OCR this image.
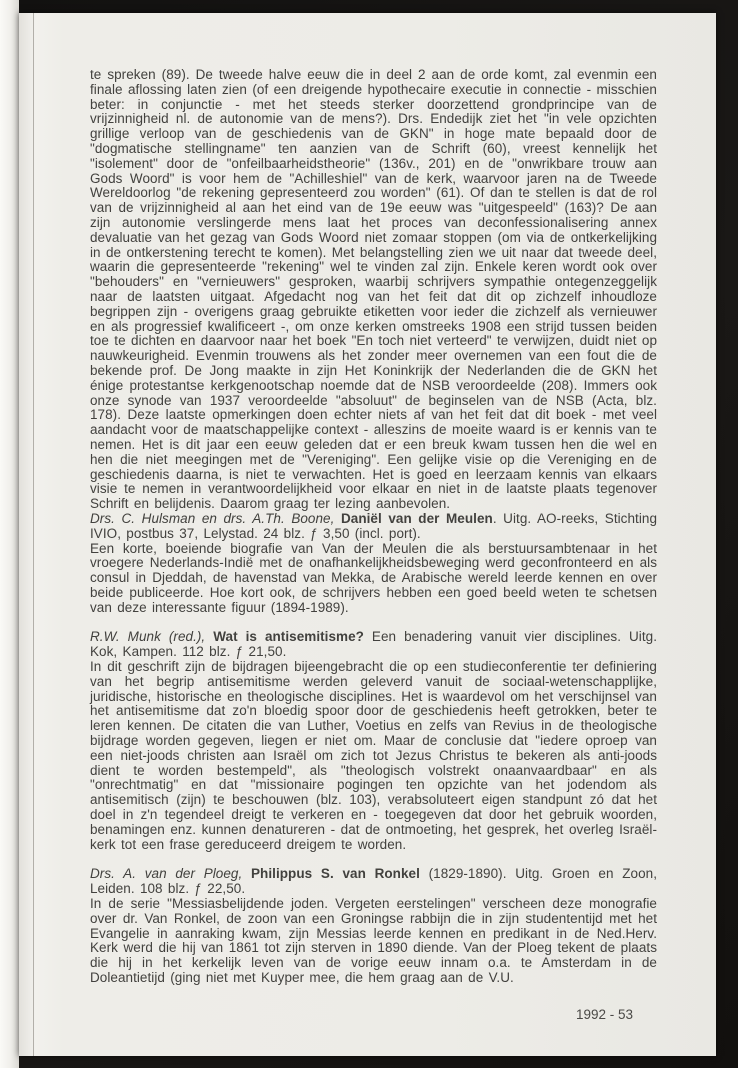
te spreken (89). De tweede halve eeuw die in deel 2 aan de orde komt, zal evenmin een finale aflossing laten zien (of een dreigende hypothecaire executie in connectie - misschien beter: in conjunctie - met het steeds sterker doorzettend grondprincipe van de vrijzinnigheid nl. de autonomie van de mens?). Drs. Endedijk ziet het "in vele opzichten grillige verloop van de geschiedenis van de GKN" in hoge mate bepaald door de "dogmatische stellingname" ten aanzien van de Schrift (60), vreest kennelijk het "isolement" door de "onfeilbaarheidstheorie" (136v., 201) en de "onwrikbare trouw aan Gods Woord" is voor hem de "Achilleshiel" van de kerk, waarvoor jaren na de Tweede Wereldoorlog "de rekening gepresenteerd zou worden" (61). Of dan te stellen is dat de rol van de vrijzinnigheid al aan het eind van de 19e eeuw was "uitgespeeld" (163)? De aan zijn autonomie verslingerde mens laat het proces van deconfessionalisering annex devaluatie van het gezag van Gods Woord niet zomaar stoppen (om via de ontkerkelijking in de ontkerstening terecht te komen). Met belangstelling zien we uit naar dat tweede deel, waarin die gepresenteerde "rekening" wel te vinden zal zijn. Enkele keren wordt ook over "behouders" en "vernieuwers" gesproken, waarbij schrijvers sympathie ontegenzeggelijk naar de laatsten uitgaat. Afgedacht nog van het feit dat dit op zichzelf inhoudloze begrippen zijn - overigens graag gebruikte etiketten voor ieder die zichzelf als vernieuwer en als progressief kwalificeert -, om onze kerken omstreeks 1908 een strijd tussen beiden toe te dichten en daarvoor naar het boek "En toch niet verteerd" te verwijzen, duidt niet op nauwkeurigheid. Evenmin trouwens als het zonder meer overnemen van een fout die de bekende prof. De Jong maakte in zijn Het Koninkrijk der Nederlanden die de GKN het énige protestantse kerkgenootschap noemde dat de NSB veroordeelde (208). Immers ook onze synode van 1937 veroordeelde "absoluut" de beginselen van de NSB (Acta, blz. 178). Deze laatste opmerkingen doen echter niets af van het feit dat dit boek - met veel aandacht voor de maatschappelijke context - alleszins de moeite waard is er kennis van te nemen. Het is dit jaar een eeuw geleden dat er een breuk kwam tussen hen die wel en hen die niet meegingen met de "Vereniging". Een gelijke visie op die Vereniging en de geschiedenis daarna, is niet te verwachten. Het is goed en leerzaam kennis van elkaars visie te nemen in verantwoordelijkheid voor elkaar en niet in de laatste plaats tegenover Schrift en belijdenis. Daarom graag ter lezing aanbevolen.

Drs. C. Hulsman en drs. A.Th. Boone, Daniël van der Meulen. Uitg. AO-reeks, Stichting IVIO, postbus 37, Lelystad. 24 blz. ƒ 3,50 (incl. port).

Een korte, boeiende biografie van Van der Meulen die als berstuursambtenaar in het vroegere Nederlands-Indië met de onafhankelijkheidsbeweging werd geconfronteerd en als consul in Djeddah, de havenstad van Mekka, de Arabische wereld leerde kennen en over beide publiceerde. Hoe kort ook, de schrijvers hebben een goed beeld weten te schetsen van deze interessante figuur (1894-1989).

R.W. Munk (red.), Wat is antisemitisme? Een benadering vanuit vier disciplines. Uitg. Kok, Kampen. 112 blz. ƒ 21,50.

In dit geschrift zijn de bijdragen bijeengebracht die op een studieconferentie ter definiering van het begrip antisemitisme werden geleverd vanuit de sociaal-wetenschapplijke, juridische, historische en theologische disciplines. Het is waardevol om het verschijnsel van het antisemitisme dat zo'n bloedig spoor door de geschiedenis heeft getrokken, beter te leren kennen. De citaten die van Luther, Voetius en zelfs van Revius in de theologische bijdrage worden gegeven, liegen er niet om. Maar de conclusie dat "iedere oproep van een niet-joods christen aan Israël om zich tot Jezus Christus te bekeren als anti-joods dient te worden bestempeld", als "theologisch volstrekt onaanvaardbaar" en als "onrechtmatig" en dat "missionaire pogingen ten opzichte van het jodendom als antisemitisch (zijn) te beschouwen (blz. 103), verabsoluteert eigen standpunt zó dat het doel in z'n tegendeel dreigt te verkeren en - toegegeven dat door het gebruik woorden, benamingen enz. kunnen denatureren - dat de ontmoeting, het gesprek, het overleg Israël-kerk tot een frase gereduceerd dreigem te worden.

Drs. A. van der Ploeg, Philippus S. van Ronkel (1829-1890). Uitg. Groen en Zoon, Leiden. 108 blz. ƒ 22,50.

In de serie "Messiasbelijdende joden. Vergeten eerstelingen" verscheen deze monografie over dr. Van Ronkel, de zoon van een Groningse rabbijn die in zijn studententijd met het Evangelie in aanraking kwam, zijn Messias leerde kennen en predikant in de Ned.Herv. Kerk werd die hij van 1861 tot zijn sterven in 1890 diende. Van der Ploeg tekent de plaats die hij in het kerkelijk leven van de vorige eeuw innam o.a. te Amsterdam in de Doleantietijd (ging niet met Kuyper mee, die hem graag aan de V.U.

1992 - 53
